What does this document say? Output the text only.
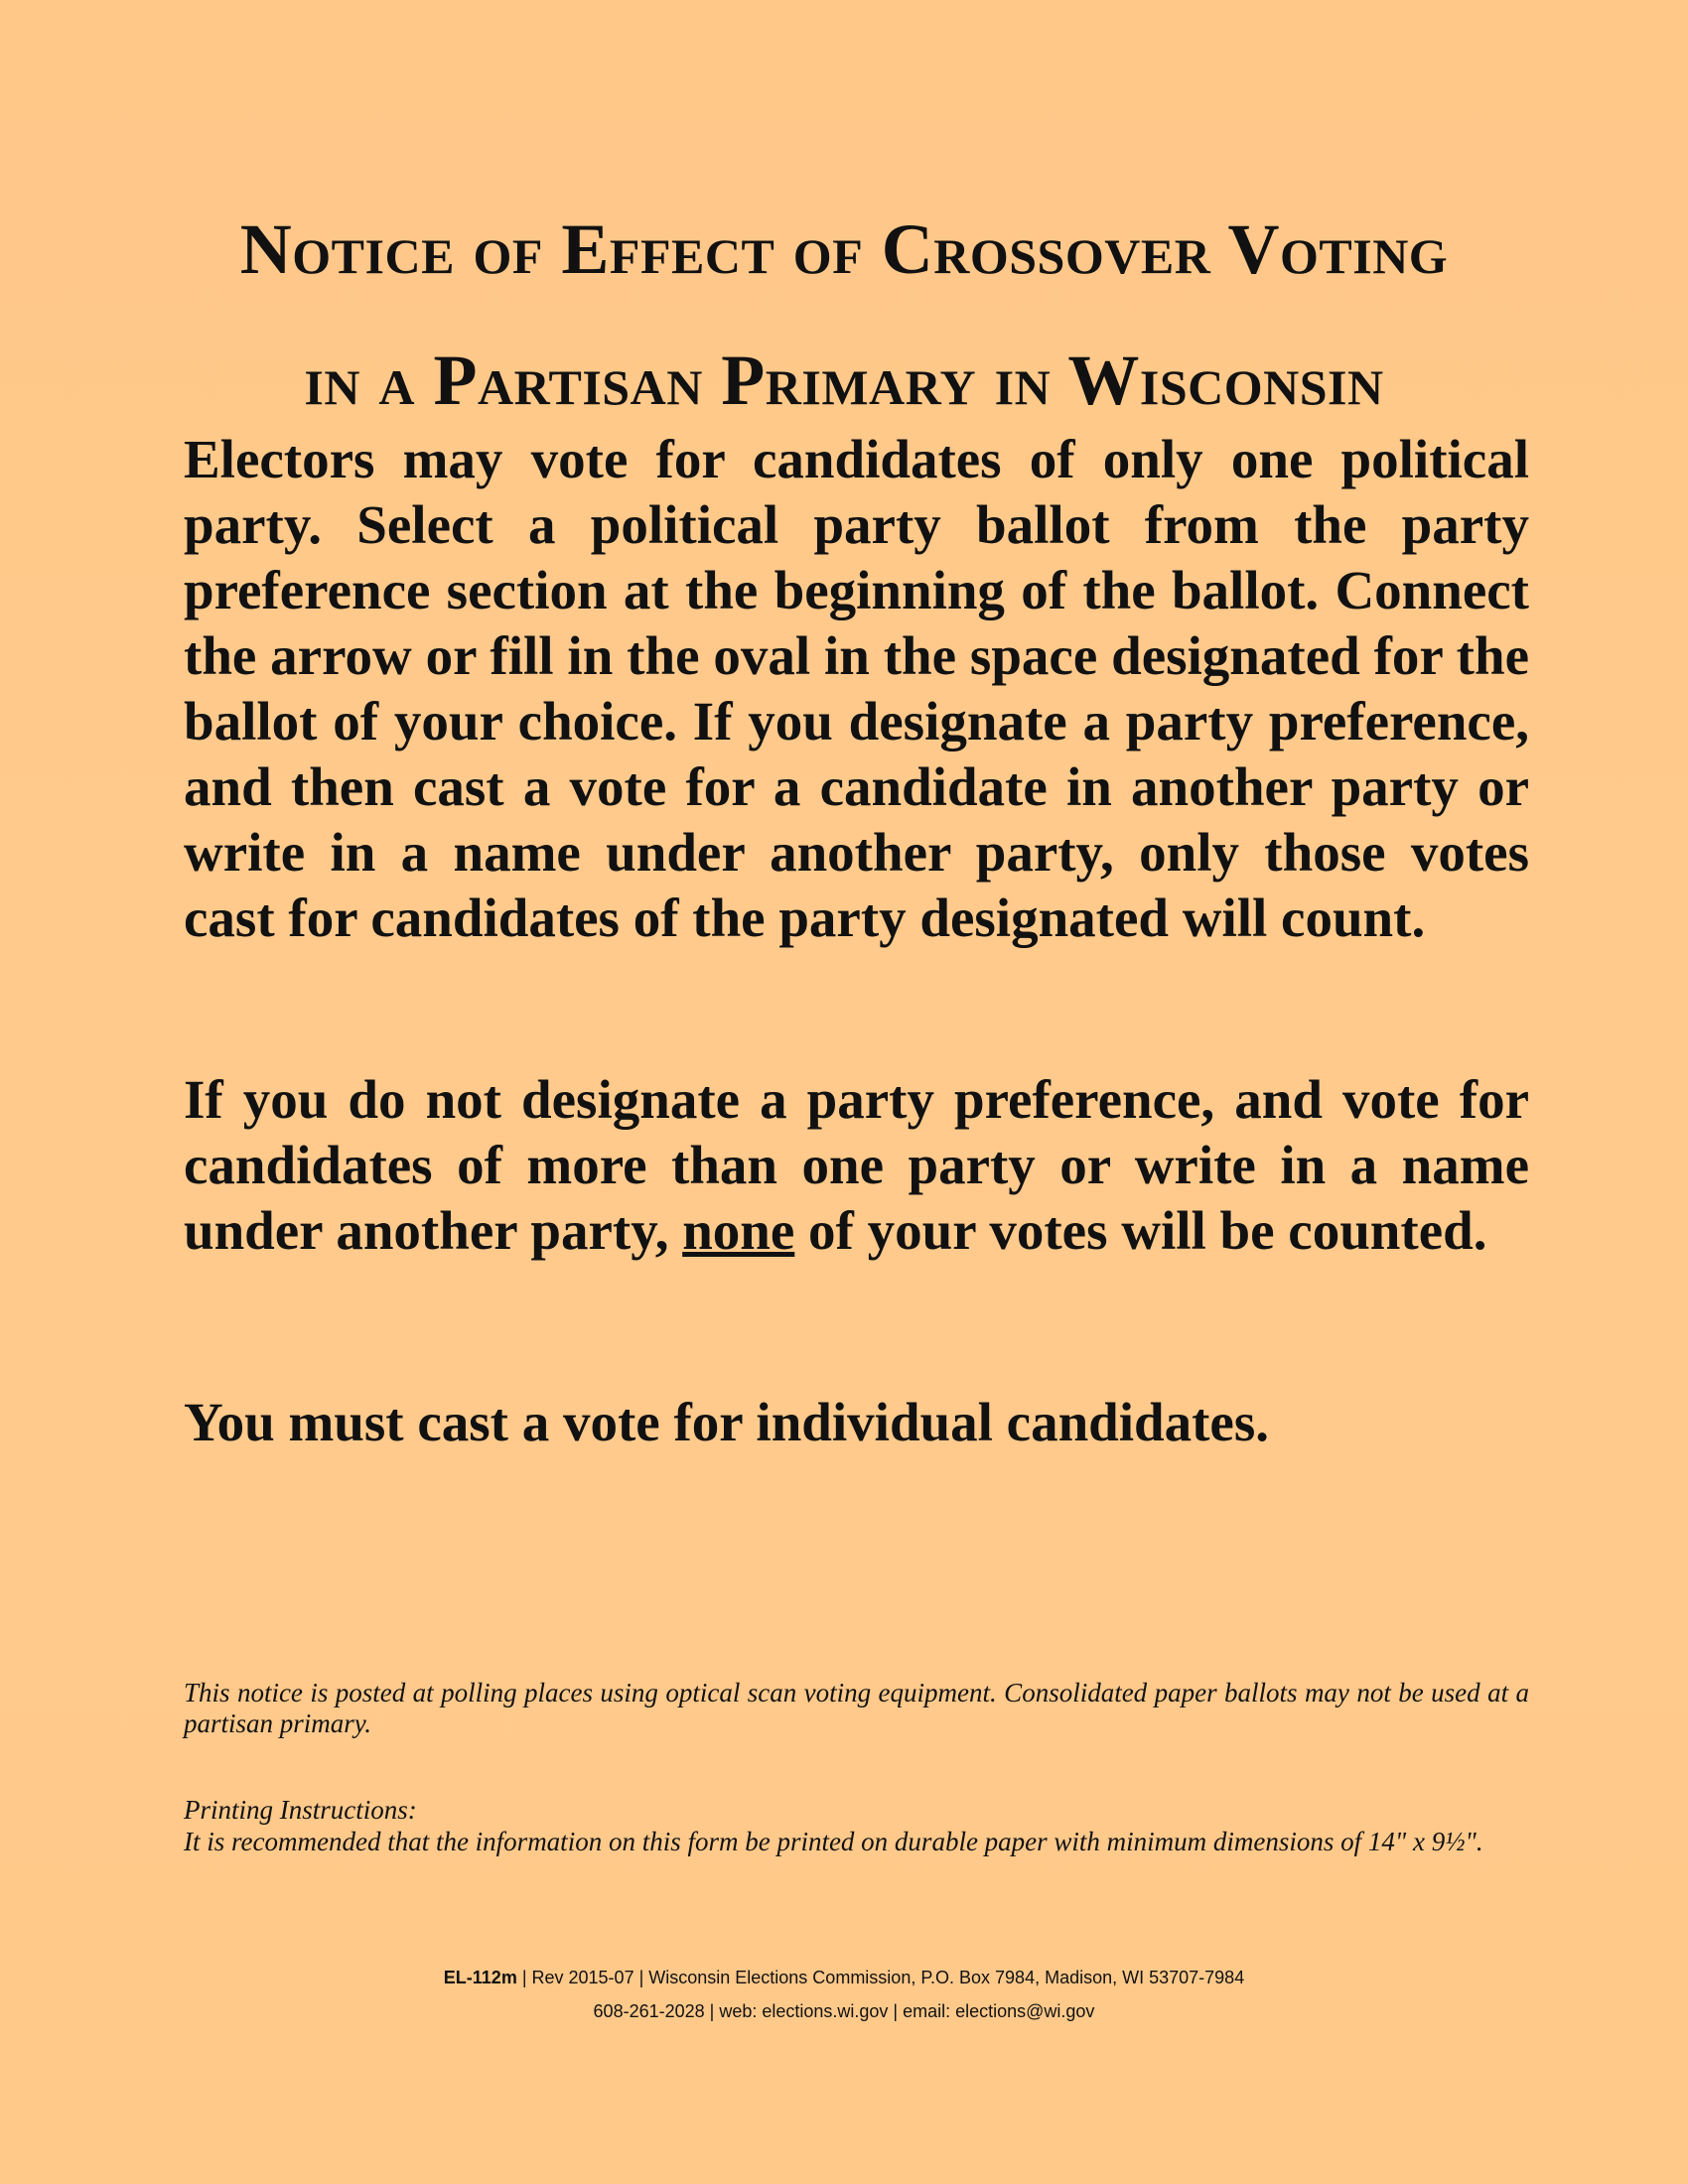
Notice of Effect of Crossover Voting
in a Partisan Primary in Wisconsin
Electors may vote for candidates of only one political party. Select a political party ballot from the party preference section at the beginning of the ballot. Connect the arrow or fill in the oval in the space designated for the ballot of your choice. If you designate a party preference, and then cast a vote for a candidate in another party or write in a name under another party, only those votes cast for candidates of the party designated will count.
If you do not designate a party preference, and vote for candidates of more than one party or write in a name under another party, none of your votes will be counted.
You must cast a vote for individual candidates.
This notice is posted at polling places using optical scan voting equipment. Consolidated paper ballots may not be used at a partisan primary.
Printing Instructions:
It is recommended that the information on this form be printed on durable paper with minimum dimensions of 14" x 9½".
EL-112m | Rev 2015-07 | Wisconsin Elections Commission, P.O. Box 7984, Madison, WI 53707-7984
608-261-2028 | web: elections.wi.gov | email: elections@wi.gov
